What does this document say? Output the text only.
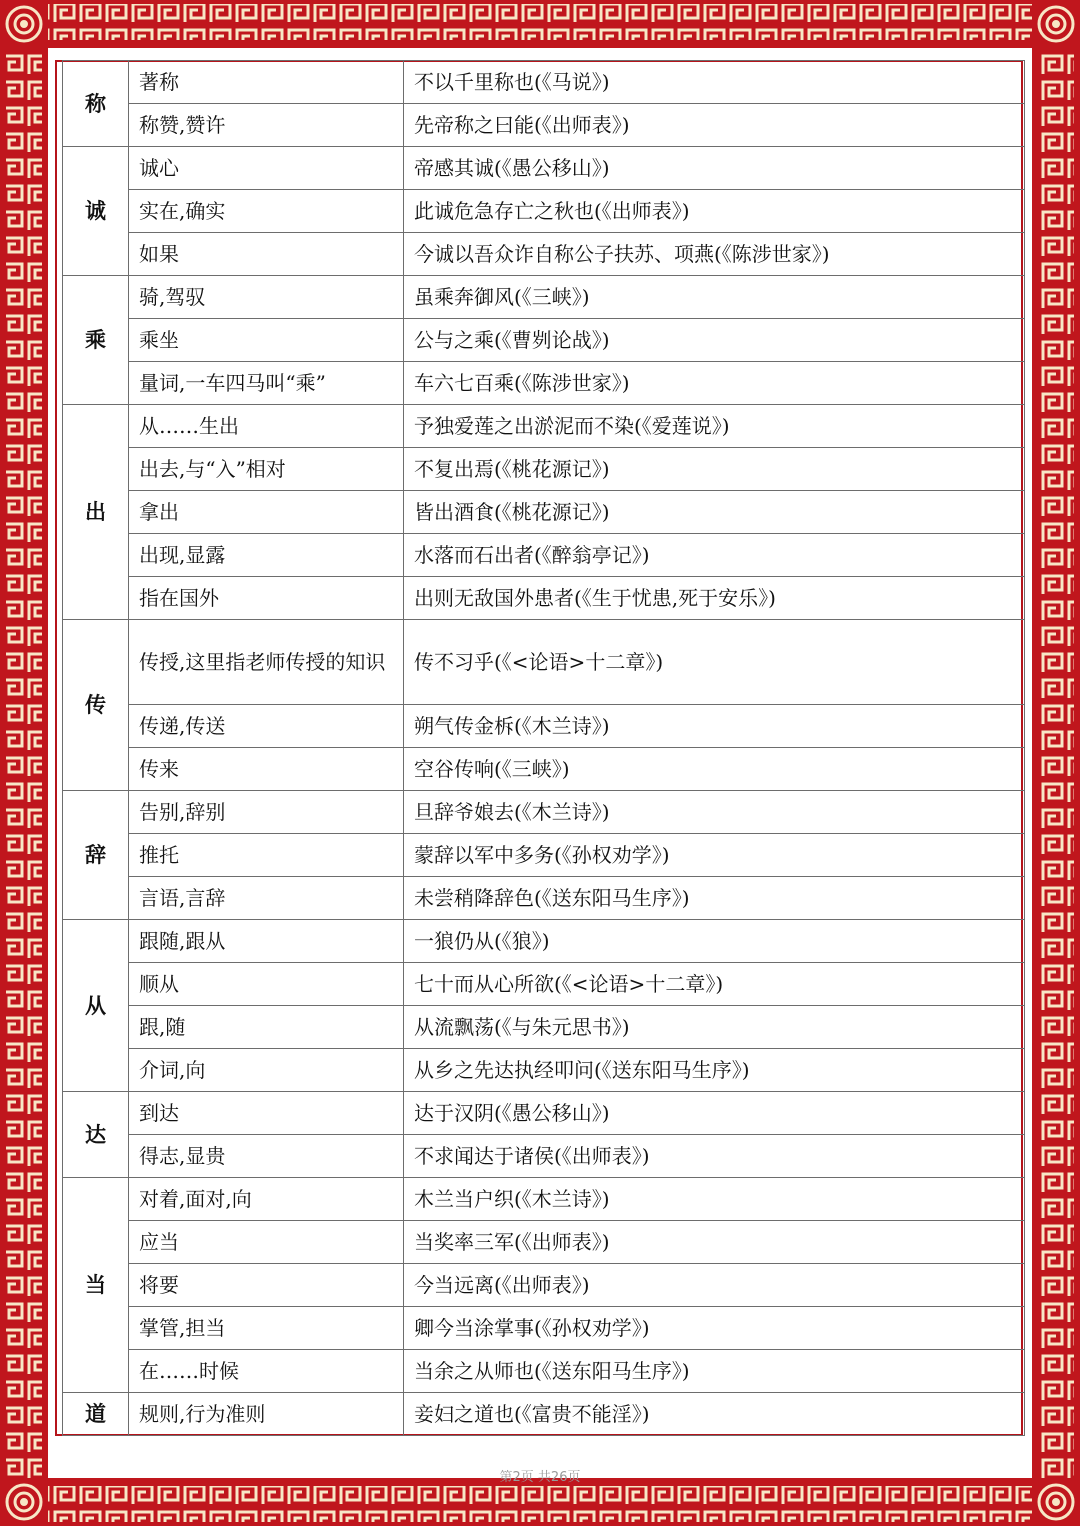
称	著称	不以千里称也(《马说》)
	称赞,赞许	先帝称之曰能(《出师表》)
诚	诚心	帝感其诚(《愚公移山》)
	实在,确实	此诚危急存亡之秋也(《出师表》)
	如果	今诚以吾众诈自称公子扶苏、项燕(《陈涉世家》)
乘	骑,驾驭	虽乘奔御风(《三峡》)
	乘坐	公与之乘(《曹刿论战》)
	量词,一车四马叫“乘”	车六七百乘(《陈涉世家》)
出	从……生出	予独爱莲之出淤泥而不染(《爱莲说》)
	出去,与“入”相对	不复出焉(《桃花源记》)
	拿出	皆出酒食(《桃花源记》)
	出现,显露	水落而石出者(《醉翁亭记》)
	指在国外	出则无敌国外患者(《生于忧患,死于安乐》)
传	传授,这里指老师传授的知识	传不习乎(《<论语>十二章》)
	传递,传送	朔气传金柝(《木兰诗》)
	传来	空谷传响(《三峡》)
辞	告别,辞别	旦辞爷娘去(《木兰诗》)
	推托	蒙辞以军中多务(《孙权劝学》)
	言语,言辞	未尝稍降辞色(《送东阳马生序》)
从	跟随,跟从	一狼仍从(《狼》)
	顺从	七十而从心所欲(《<论语>十二章》)
	跟,随	从流飘荡(《与朱元思书》)
	介词,向	从乡之先达执经叩问(《送东阳马生序》)
达	到达	达于汉阴(《愚公移山》)
	得志,显贵	不求闻达于诸侯(《出师表》)
当	对着,面对,向	木兰当户织(《木兰诗》)
	应当	当奖率三军(《出师表》)
	将要	今当远离(《出师表》)
	掌管,担当	卿今当涂掌事(《孙权劝学》)
	在……时候	当余之从师也(《送东阳马生序》)
道	规则,行为准则	妾妇之道也(《富贵不能淫》)
第2页 共26页
